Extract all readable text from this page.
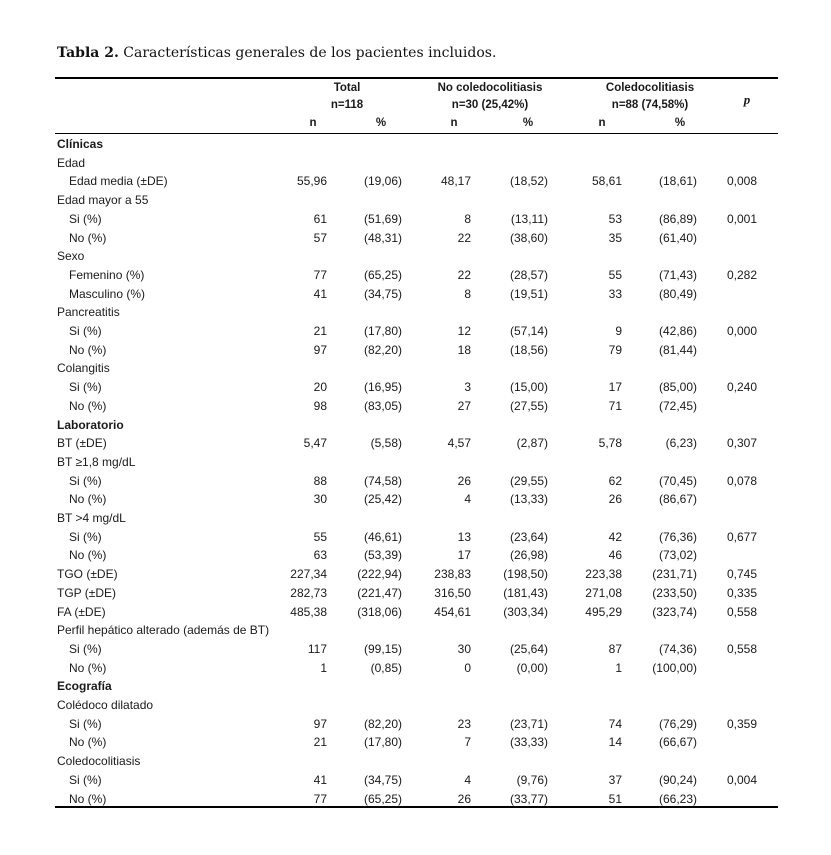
Tabla 2. Características generales de los pacientes incluidos.
Total
n=118
No coledocolitiasis
n=30 (25,42%)
Coledocolitiasis
n=88 (74,58%)	p
n	%	n	%	n	%
Clínicas
Edad
Edad media (±DE)	55,96	(19,06)	48,17	(18,52)	58,61	(18,61) 0,008
Edad mayor a 55
Si (%)	61	(51,69)	8	(13,11)	53	(86,89) 0,001
No (%)	57	(48,31)	22	(38,60)	35	(61,40)
Sexo
Femenino (%)	77	(65,25)	22	(28,57)	55	(71,43) 0,282
Masculino (%)	41	(34,75)	8	(19,51)	33	(80,49)
Pancreatitis
Si (%)	21	(17,80)	12	(57,14)	9	(42,86) 0,000
No (%)	97	(82,20)	18	(18,56)	79	(81,44)
Colangitis
Si (%)	20	(16,95)	3	(15,00)	17	(85,00) 0,240
No (%)	98	(83,05)	27	(27,55)	71	(72,45)
Laboratorio
BT (±DE)	5,47	(5,58)	4,57	(2,87)	5,78	(6,23) 0,307
BT ≥1,8 mg/dL
Si (%)	88	(74,58)	26	(29,55)	62	(70,45) 0,078
No (%)	30	(25,42)	4	(13,33)	26	(86,67)
BT >4 mg/dL
Si (%)	55	(46,61)	13	(23,64)	42	(76,36) 0,677
No (%)	63	(53,39)	17	(26,98)	46	(73,02)
TGO (±DE)	227,34	(222,94)	238,83	(198,50)	223,38	(231,71) 0,745
TGP (±DE)	282,73	(221,47)	316,50	(181,43)	271,08	(233,50) 0,335
FA (±DE)	485,38	(318,06)	454,61	(303,34)	495,29	(323,74) 0,558
Perfil hepático alterado (además de BT)
Si (%)	117	(99,15)	30	(25,64)	87	(74,36) 0,558
No (%)	1	(0,85)	0	(0,00)	1	(100,00)
Ecografía
Colédoco dilatado
Si (%)	97	(82,20)	23	(23,71)	74	(76,29) 0,359
No (%)	21	(17,80)	7	(33,33)	14	(66,67)
Coledocolitiasis
Si (%)	41	(34,75)	4	(9,76)	37	(90,24) 0,004
No (%)	77	(65,25)	26	(33,77)	51	(66,23)
